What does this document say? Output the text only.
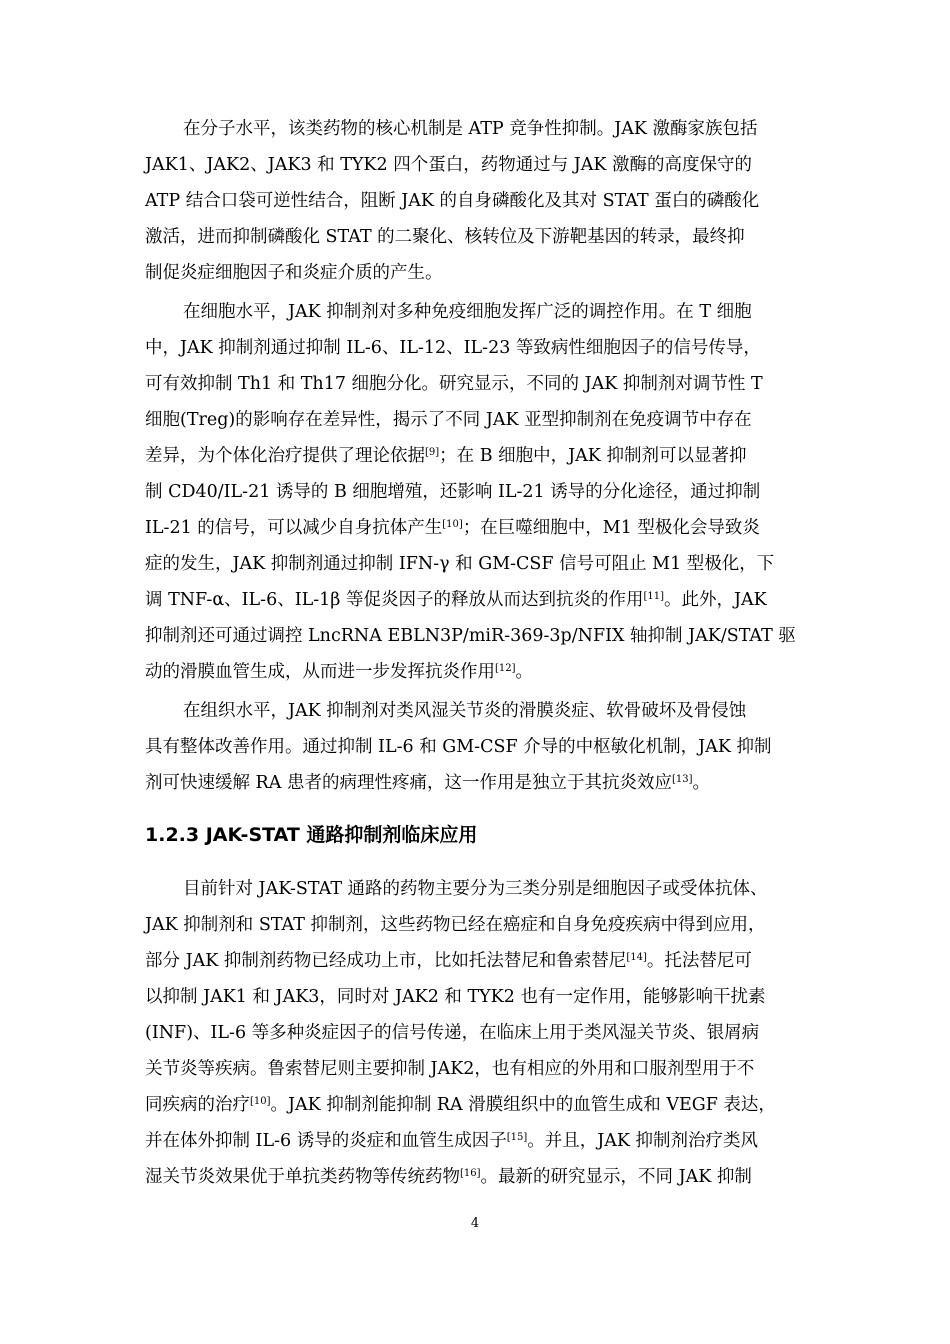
在分子水平，该类药物的核心机制是 ATP 竞争性抑制。JAK 激酶家族包括
JAK1、JAK2、JAK3 和 TYK2 四个蛋白，药物通过与 JAK 激酶的高度保守的
ATP 结合口袋可逆性结合，阻断 JAK 的自身磷酸化及其对 STAT 蛋白的磷酸化
激活，进而抑制磷酸化 STAT 的二聚化、核转位及下游靶基因的转录，最终抑
制促炎症细胞因子和炎症介质的产生。
在细胞水平，JAK 抑制剂对多种免疫细胞发挥广泛的调控作用。在 T 细胞
中，JAK 抑制剂通过抑制 IL-6、IL-12、IL-23 等致病性细胞因子的信号传导，
可有效抑制 Th1 和 Th17 细胞分化。研究显示，不同的 JAK 抑制剂对调节性 T
细胞(Treg)的影响存在差异性，揭示了不同 JAK 亚型抑制剂在免疫调节中存在
差异，为个体化治疗提供了理论依据[9]；在 B 细胞中，JAK 抑制剂可以显著抑
制 CD40/IL-21 诱导的 B 细胞增殖，还影响 IL-21 诱导的分化途径，通过抑制
IL-21 的信号，可以减少自身抗体产生[10]；在巨噬细胞中，M1 型极化会导致炎
症的发生，JAK 抑制剂通过抑制 IFN-γ 和 GM-CSF 信号可阻止 M1 型极化，下
调 TNF-α、IL-6、IL-1β 等促炎因子的释放从而达到抗炎的作用[11]。此外，JAK
抑制剂还可通过调控 LncRNA EBLN3P/miR-369-3p/NFIX 轴抑制 JAK/STAT 驱
动的滑膜血管生成，从而进一步发挥抗炎作用[12]。
在组织水平，JAK 抑制剂对类风湿关节炎的滑膜炎症、软骨破坏及骨侵蚀
具有整体改善作用。通过抑制 IL-6 和 GM-CSF 介导的中枢敏化机制，JAK 抑制
剂可快速缓解 RA 患者的病理性疼痛，这一作用是独立于其抗炎效应[13]。
1.2.3 JAK-STAT 通路抑制剂临床应用
目前针对 JAK-STAT 通路的药物主要分为三类分别是细胞因子或受体抗体、
JAK 抑制剂和 STAT 抑制剂，这些药物已经在癌症和自身免疫疾病中得到应用，
部分 JAK 抑制剂药物已经成功上市，比如托法替尼和鲁索替尼[14]。托法替尼可
以抑制 JAK1 和 JAK3，同时对 JAK2 和 TYK2 也有一定作用，能够影响干扰素
(INF)、IL-6 等多种炎症因子的信号传递，在临床上用于类风湿关节炎、银屑病
关节炎等疾病。鲁索替尼则主要抑制 JAK2，也有相应的外用和口服剂型用于不
同疾病的治疗[10]。JAK 抑制剂能抑制 RA 滑膜组织中的血管生成和 VEGF 表达，
并在体外抑制 IL-6 诱导的炎症和血管生成因子[15]。并且，JAK 抑制剂治疗类风
湿关节炎效果优于单抗类药物等传统药物[16]。最新的研究显示，不同 JAK 抑制
4
